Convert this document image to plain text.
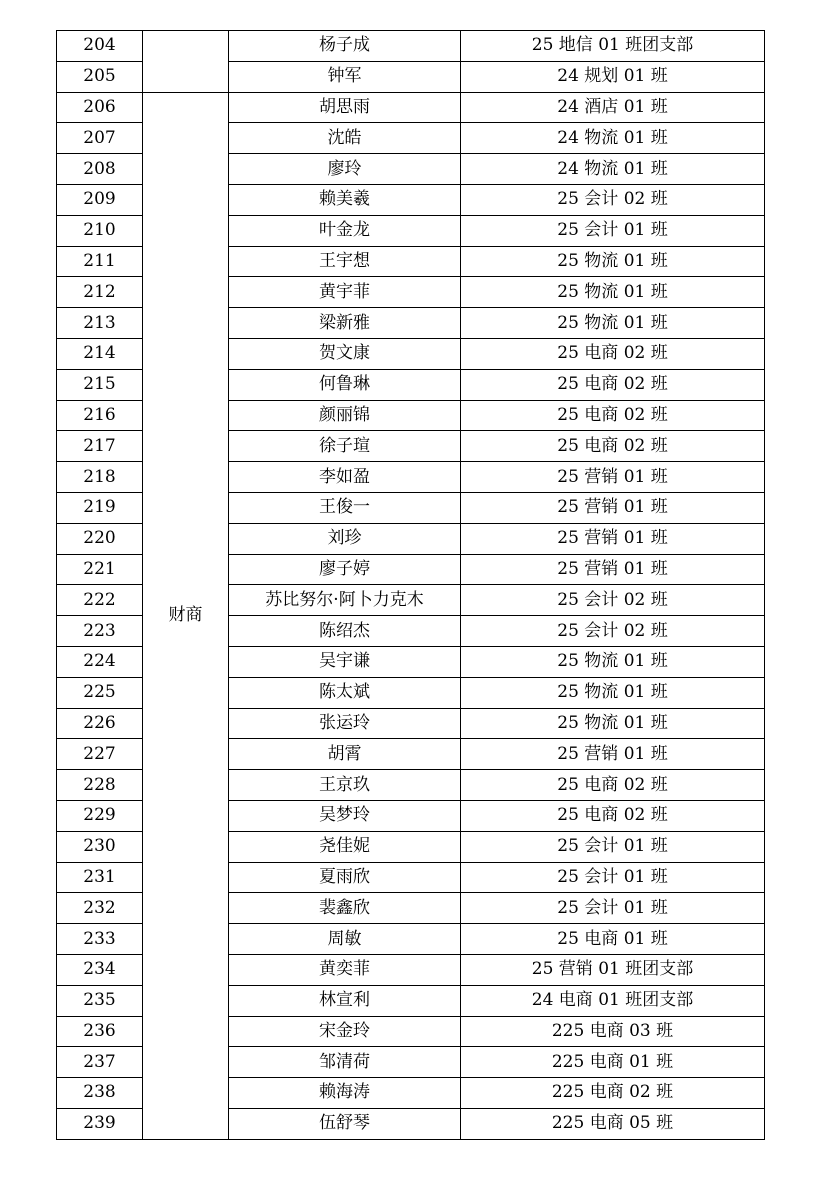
204		杨子成	25 地信 01 班团支部
205		钟军	24 规划 01 班
206	财商	胡思雨	24 酒店 01 班
207		沈皓	24 物流 01 班
208		廖玲	24 物流 01 班
209		赖美羲	25 会计 02 班
210		叶金龙	25 会计 01 班
211		王宇想	25 物流 01 班
212		黄宇菲	25 物流 01 班
213		梁新雅	25 物流 01 班
214		贺文康	25 电商 02 班
215		何鲁琳	25 电商 02 班
216		颜丽锦	25 电商 02 班
217		徐子瑄	25 电商 02 班
218		李如盈	25 营销 01 班
219		王俊一	25 营销 01 班
220		刘珍	25 营销 01 班
221		廖子婷	25 营销 01 班
222		苏比努尔·阿卜力克木	25 会计 02 班
223		陈绍杰	25 会计 02 班
224		吴宇谦	25 物流 01 班
225		陈太斌	25 物流 01 班
226		张运玲	25 物流 01 班
227		胡霄	25 营销 01 班
228		王京玖	25 电商 02 班
229		吴梦玲	25 电商 02 班
230		尧佳妮	25 会计 01 班
231		夏雨欣	25 会计 01 班
232		裴鑫欣	25 会计 01 班
233		周敏	25 电商 01 班
234		黄奕菲	25 营销 01 班团支部
235		林宣利	24 电商 01 班团支部
236		宋金玲	225 电商 03 班
237		邹清荷	225 电商 01 班
238		赖海涛	225 电商 02 班
239		伍舒琴	225 电商 05 班
